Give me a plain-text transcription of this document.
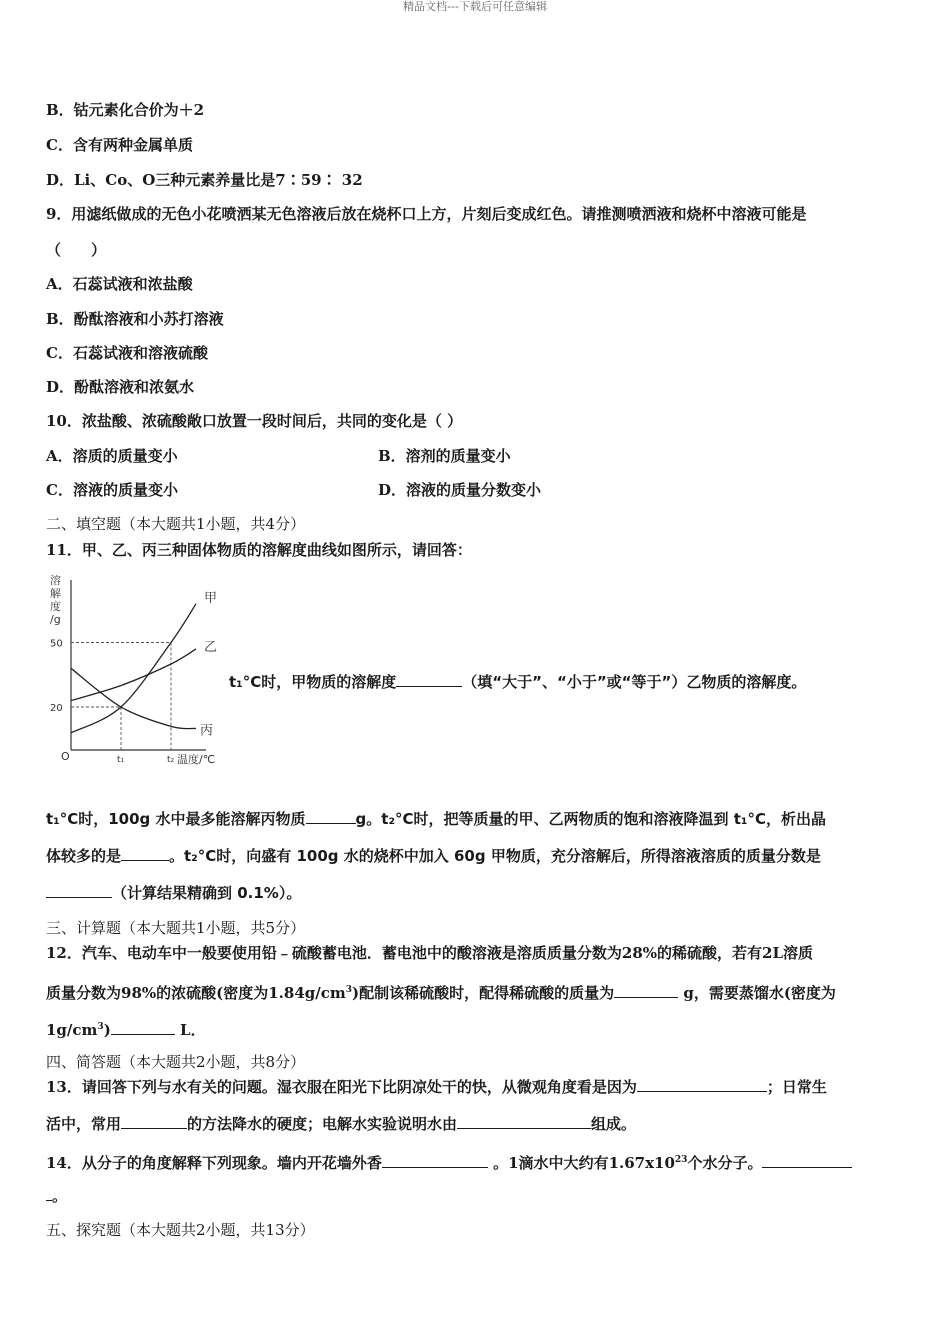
精品文档---下载后可任意编辑
B．钴元素化合价为＋2
C．含有两种金属单质
D．Li、Co、O三种元素养量比是7∶59∶ 32
9．用滤纸做成的无色小花喷洒某无色溶液后放在烧杯口上方，片刻后变成红色。请推测喷洒液和烧杯中溶液可能是
（　　）
A．石蕊试液和浓盐酸
B．酚酞溶液和小苏打溶液
C．石蕊试液和溶液硫酸
D．酚酞溶液和浓氨水
10．浓盐酸、浓硫酸敞口放置一段时间后，共同的变化是（ ）
A．溶质的质量变小	B．溶剂的质量变小
C．溶液的质量变小	D．溶液的质量分数变小
二、填空题（本大题共1小题，共4分）
11．甲、乙、丙三种固体物质的溶解度曲线如图所示，请回答：
溶
解
度
/g
20
50
O	t₁	t₂ 温度/℃
甲
乙
丙
t₁°C时，甲物质的溶解度	（填“大于”、“小于”或“等于”）乙物质的溶解度。
t₁°C时，100g 水中最多能溶解丙物质	g。t₂°C时，把等质量的甲、乙两物质的饱和溶液降温到 t₁°C，析出晶
体较多的是	。t₂°C时，向盛有 100g 水的烧杯中加入 60g 甲物质，充分溶解后，所得溶液溶质的质量分数是
（计算结果精确到 0.1%）。
三、计算题（本大题共1小题，共5分）
12．汽车、电动车中一般要使用铅﹣硫酸蓄电池．蓄电池中的酸溶液是溶质质量分数为28%的稀硫酸，若有2L溶质
质量分数为98%的浓硫酸(密度为$1.84g/cm^3$)配制该稀硫酸时，配得稀硫酸的质量为	g，需要蒸馏水(密度为
$1g/cm^3$)	L．
四、简答题（本大题共2小题，共8分）
13．请回答下列与水有关的问题。湿衣服在阳光下比阴凉处干的快，从微观角度看是因为	；日常生
活中，常用	的方法降水的硬度；电解水实验说明水由	组成。
14．从分子的角度解释下列现象。墙内开花墙外香	。1滴水中大约有$1.67x10^{23}$个水分子。
。
五、探究题（本大题共2小题，共13分）
